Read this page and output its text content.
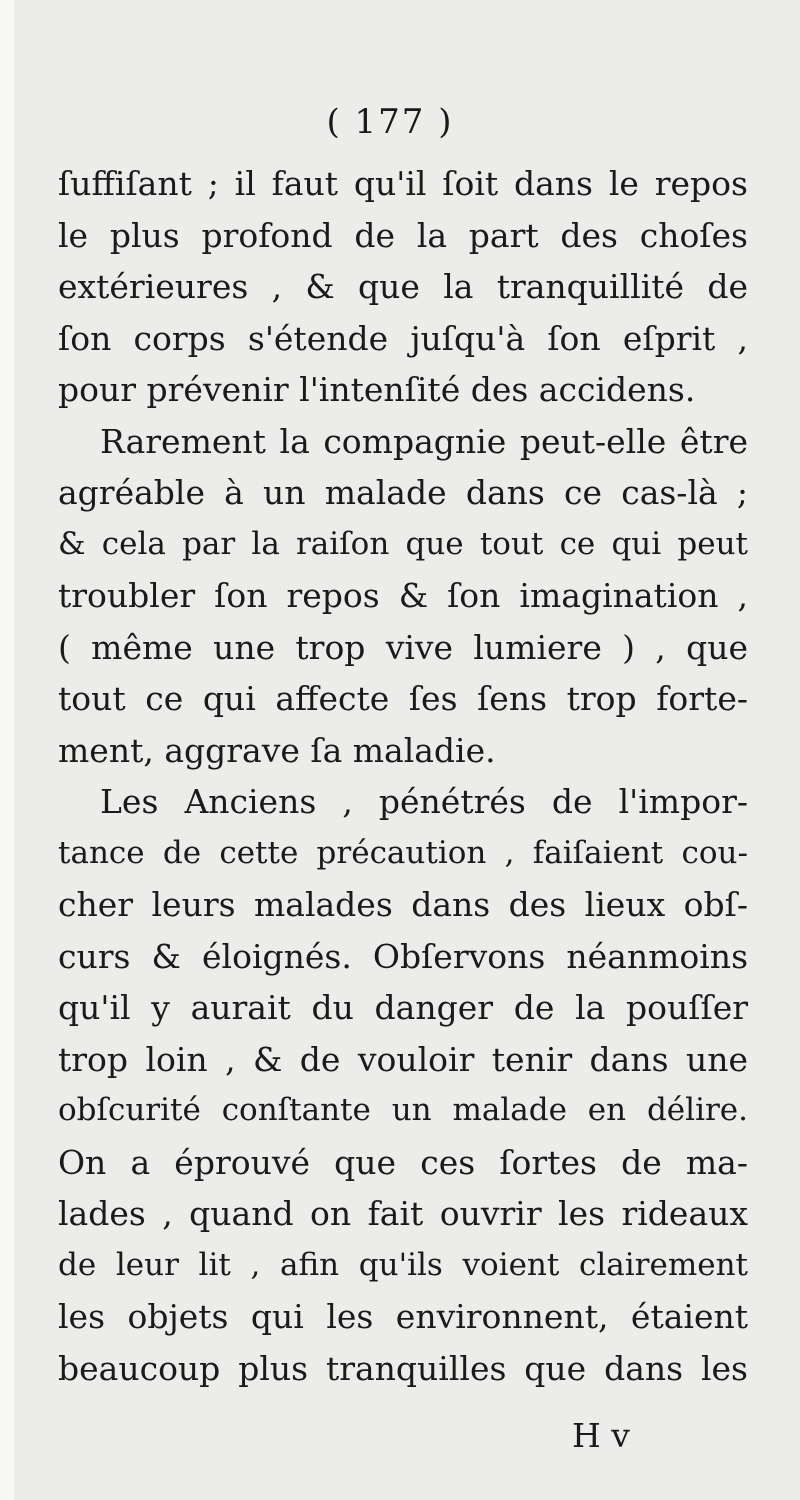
( 177 )
ſuffiſant ; il faut qu'il ſoit dans le repos
le plus profond de la part des choſes
extérieures , & que la tranquillité de
ſon corps s'étende juſqu'à ſon eſprit ,
pour prévenir l'intenſité des accidens.
Rarement la compagnie peut-elle être
agréable à un malade dans ce cas-là ;
& cela par la raiſon que tout ce qui peut
troubler ſon repos & ſon imagination ,
( même une trop vive lumiere ) , que
tout ce qui affecte ſes ſens trop forte-
ment, aggrave ſa maladie.
Les Anciens , pénétrés de l'impor-
tance de cette précaution , faiſaient cou-
cher leurs malades dans des lieux obſ-
curs & éloignés. Obſervons néanmoins
qu'il y aurait du danger de la pouſſer
trop loin , & de vouloir tenir dans une
obſcurité conſtante un malade en délire.
On a éprouvé que ces ſortes de ma-
lades , quand on fait ouvrir les rideaux
de leur lit , afin qu'ils voient clairement
les objets qui les environnent, étaient
beaucoup plus tranquilles que dans les
H v
